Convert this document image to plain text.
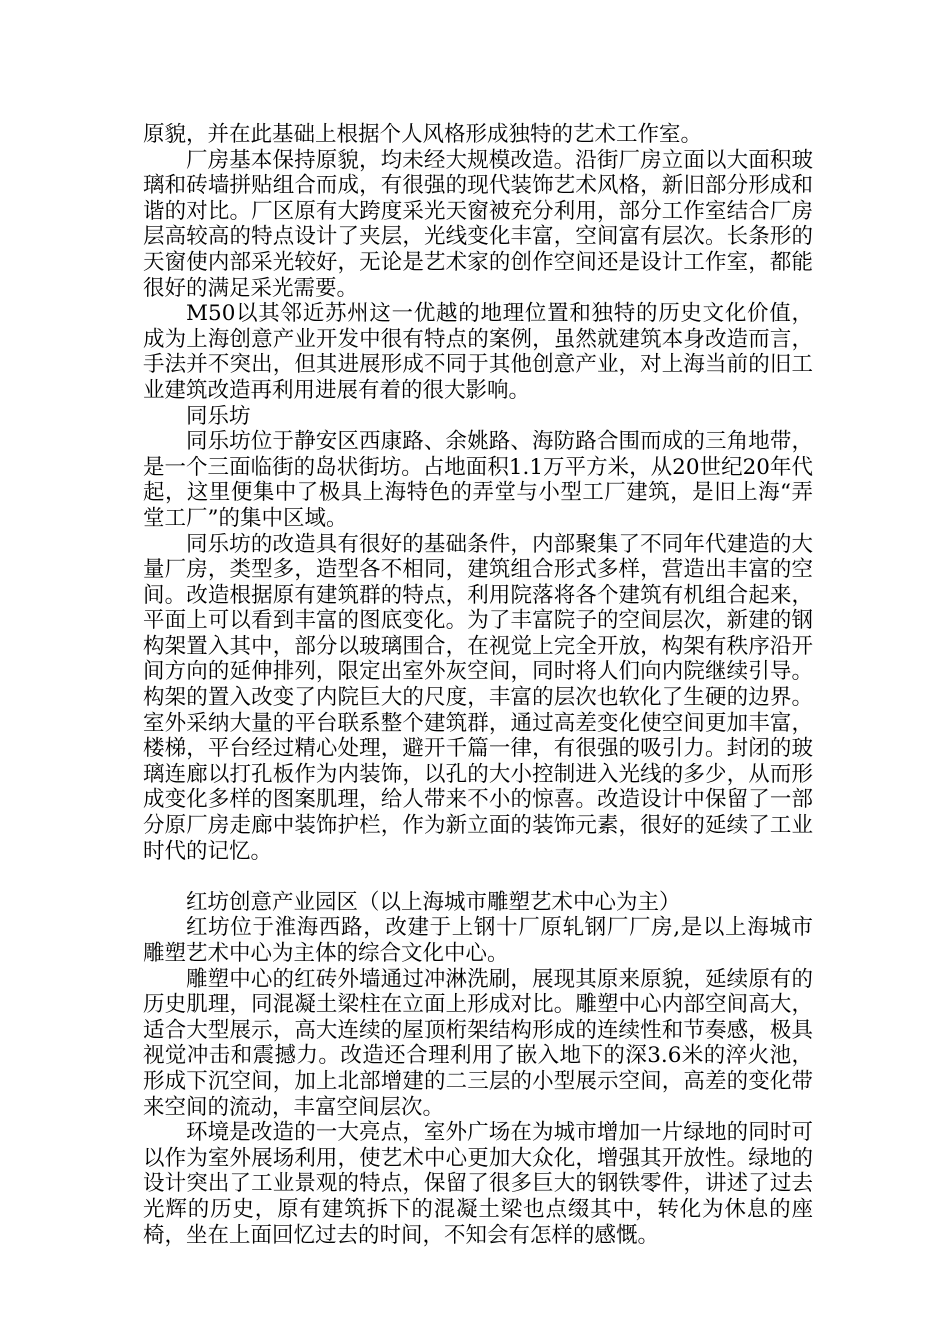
原貌，并在此基础上根据个人风格形成独特的艺术工作室。

厂房基本保持原貌，均未经大规模改造。沿街厂房立面以大面积玻璃和砖墙拼贴组合而成，有很强的现代装饰艺术风格，新旧部分形成和谐的对比。厂区原有大跨度采光天窗被充分利用，部分工作室结合厂房层高较高的特点设计了夹层，光线变化丰富，空间富有层次。长条形的天窗使内部采光较好，无论是艺术家的创作空间还是设计工作室，都能很好的满足采光需要。

M50以其邻近苏州这一优越的地理位置和独特的历史文化价值，成为上海创意产业开发中很有特点的案例，虽然就建筑本身改造而言，手法并不突出，但其进展形成不同于其他创意产业，对上海当前的旧工业建筑改造再利用进展有着的很大影响。

同乐坊

同乐坊位于静安区西康路、余姚路、海防路合围而成的三角地带，是一个三面临街的岛状街坊。占地面积1.1万平方米，从20世纪20年代起，这里便集中了极具上海特色的弄堂与小型工厂建筑，是旧上海“弄堂工厂”的集中区域。

同乐坊的改造具有很好的基础条件，内部聚集了不同年代建造的大量厂房，类型多，造型各不相同，建筑组合形式多样，营造出丰富的空间。改造根据原有建筑群的特点，利用院落将各个建筑有机组合起来，平面上可以看到丰富的图底变化。为了丰富院子的空间层次，新建的钢构架置入其中，部分以玻璃围合，在视觉上完全开放，构架有秩序沿开间方向的延伸排列，限定出室外灰空间，同时将人们向内院继续引导。构架的置入改变了内院巨大的尺度，丰富的层次也软化了生硬的边界。室外采纳大量的平台联系整个建筑群，通过高差变化使空间更加丰富，楼梯，平台经过精心处理，避开千篇一律，有很强的吸引力。封闭的玻璃连廊以打孔板作为内装饰，以孔的大小控制进入光线的多少，从而形成变化多样的图案肌理，给人带来不小的惊喜。改造设计中保留了一部分原厂房走廊中装饰护栏，作为新立面的装饰元素，很好的延续了工业时代的记忆。

红坊创意产业园区（以上海城市雕塑艺术中心为主）

红坊位于淮海西路，改建于上钢十厂原轧钢厂厂房,是以上海城市雕塑艺术中心为主体的综合文化中心。

雕塑中心的红砖外墙通过冲淋洗刷，展现其原来原貌，延续原有的历史肌理，同混凝土梁柱在立面上形成对比。雕塑中心内部空间高大，适合大型展示，高大连续的屋顶桁架结构形成的连续性和节奏感，极具视觉冲击和震撼力。改造还合理利用了嵌入地下的深3.6米的淬火池，形成下沉空间，加上北部增建的二三层的小型展示空间，高差的变化带来空间的流动，丰富空间层次。

环境是改造的一大亮点，室外广场在为城市增加一片绿地的同时可以作为室外展场利用，使艺术中心更加大众化，增强其开放性。绿地的设计突出了工业景观的特点，保留了很多巨大的钢铁零件，讲述了过去光辉的历史，原有建筑拆下的混凝土梁也点缀其中，转化为休息的座椅，坐在上面回忆过去的时间，不知会有怎样的感慨。
